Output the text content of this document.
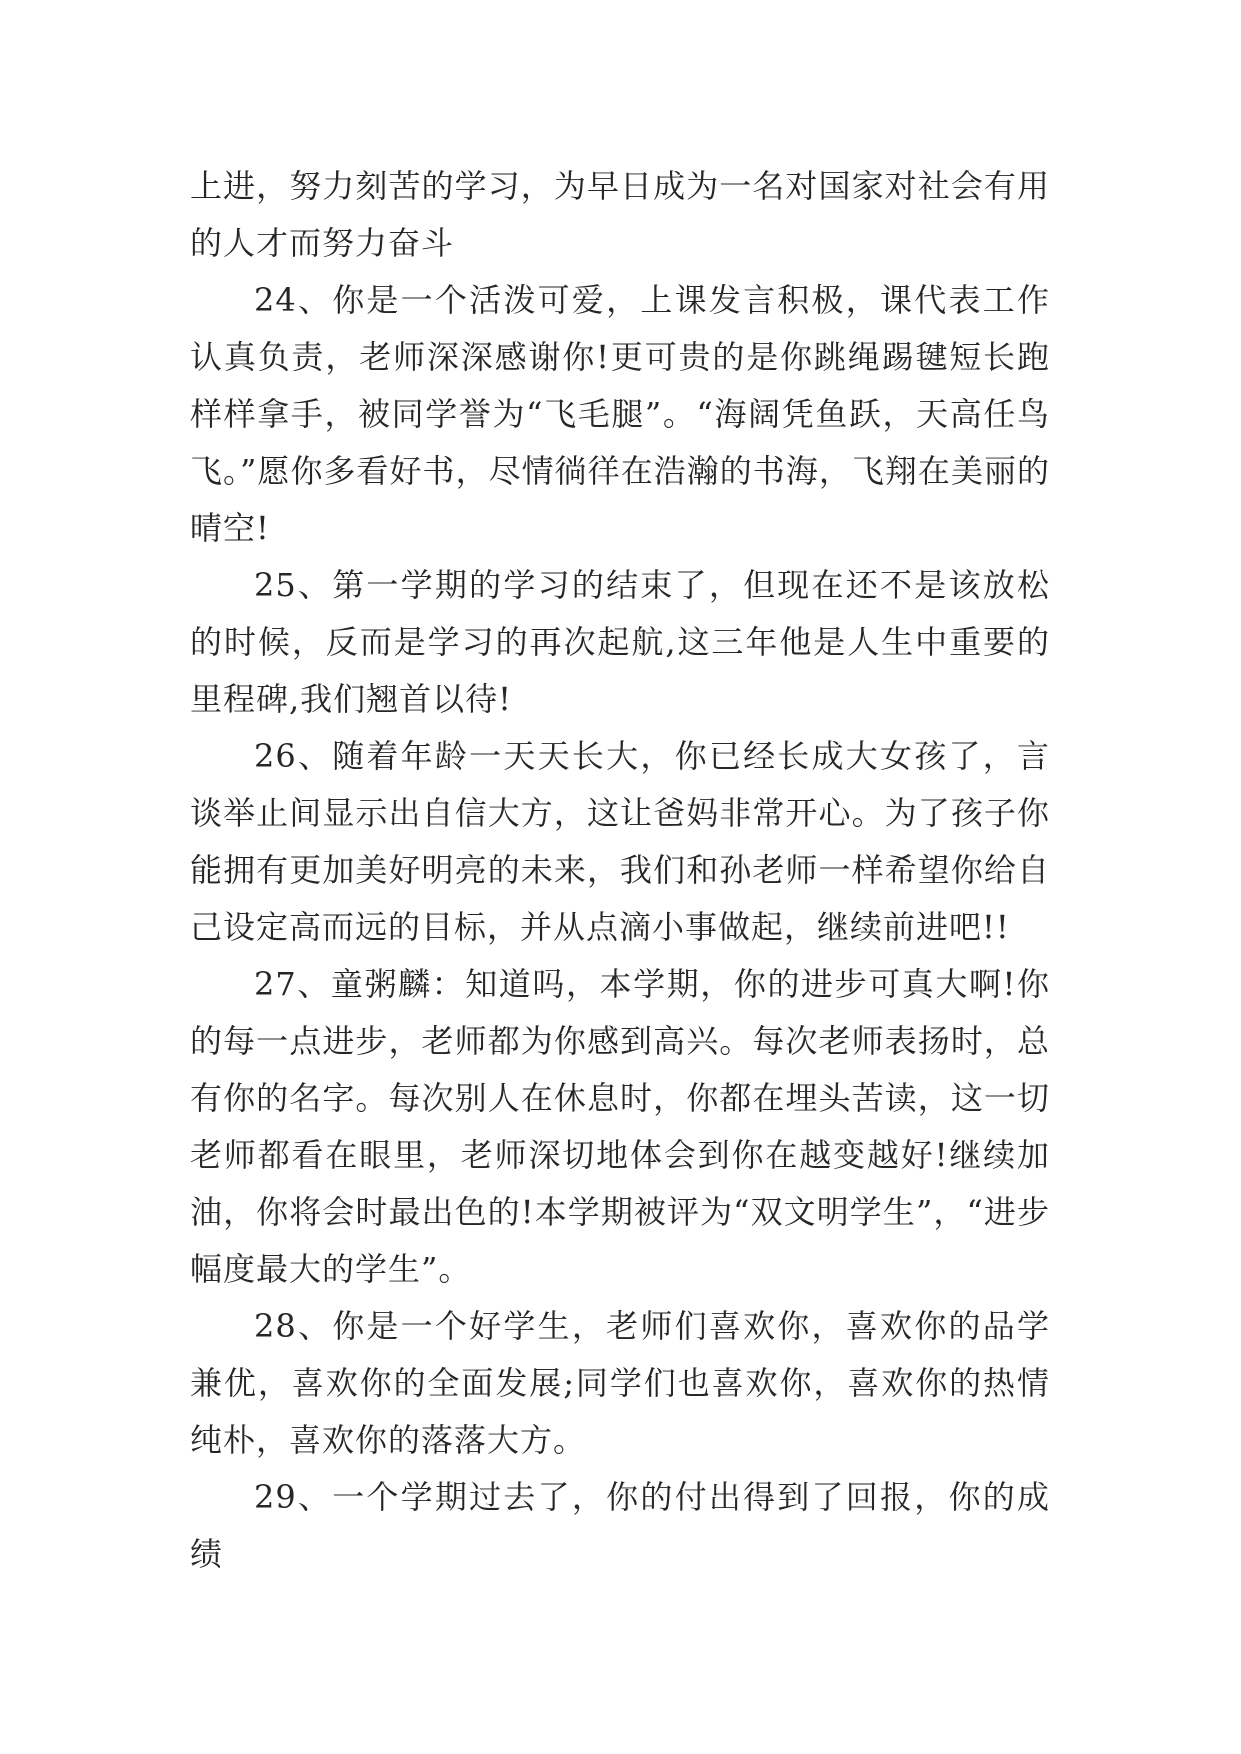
上进，努力刻苦的学习，为早日成为一名对国家对社会有用的人才而努力奋斗

24、你是一个活泼可爱，上课发言积极，课代表工作认真负责，老师深深感谢你!更可贵的是你跳绳踢毽短长跑样样拿手，被同学誉为“飞毛腿”。“海阔凭鱼跃，天高任鸟飞。”愿你多看好书，尽情徜徉在浩瀚的书海，飞翔在美丽的晴空!

25、第一学期的学习的结束了，但现在还不是该放松的时候，反而是学习的再次起航,这三年他是人生中重要的里程碑,我们翘首以待!

26、随着年龄一天天长大，你已经长成大女孩了，言谈举止间显示出自信大方，这让爸妈非常开心。为了孩子你能拥有更加美好明亮的未来，我们和孙老师一样希望你给自己设定高而远的目标，并从点滴小事做起，继续前进吧!!

27、童粥麟：知道吗，本学期，你的进步可真大啊!你的每一点进步，老师都为你感到高兴。每次老师表扬时，总有你的名字。每次别人在休息时，你都在埋头苦读，这一切老师都看在眼里，老师深切地体会到你在越变越好!继续加油，你将会时最出色的!本学期被评为“双文明学生”，“进步幅度最大的学生”。

28、你是一个好学生，老师们喜欢你，喜欢你的品学兼优，喜欢你的全面发展;同学们也喜欢你，喜欢你的热情纯朴，喜欢你的落落大方。

29、一个学期过去了，你的付出得到了回报，你的成绩
